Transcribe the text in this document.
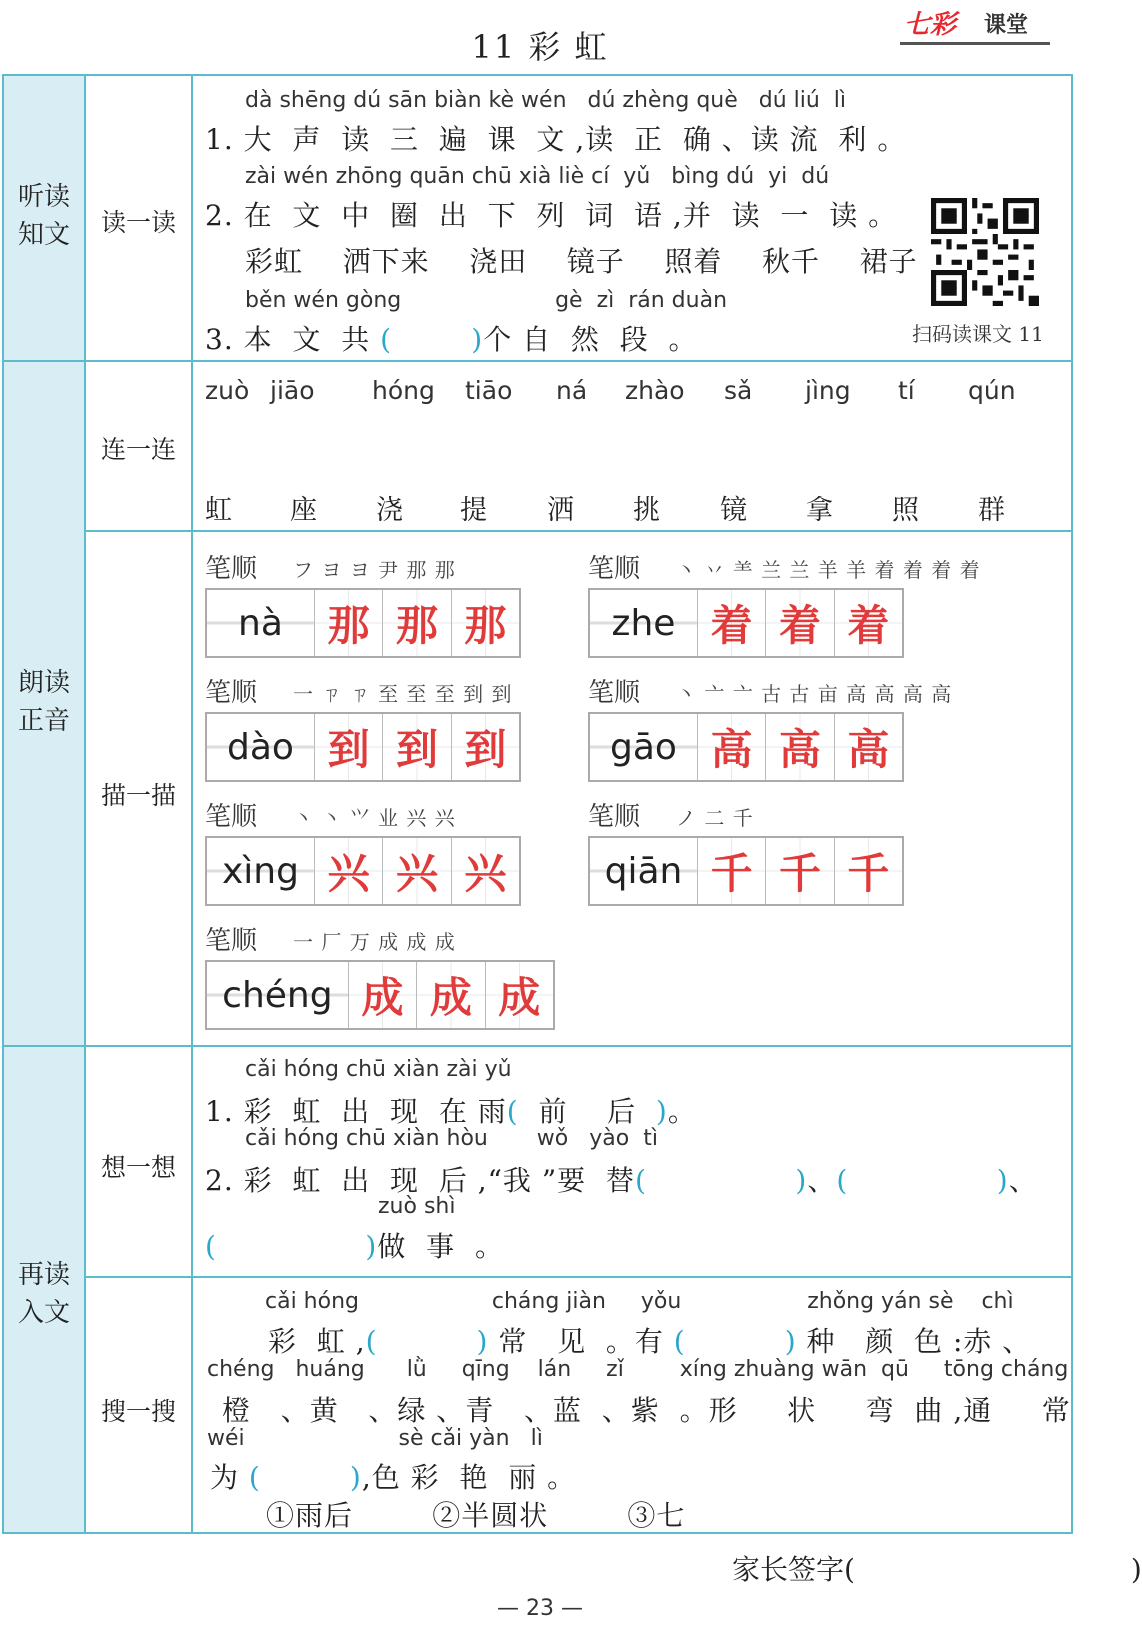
11 彩 虹
七彩 课堂
听读
知文
朗读
正音
再读
入文
读一读
连一连
描一描
想一想
搜一搜
dà shēng dú sān biàn kè wén   dú zhèng què   dú liú  lì
1. 大  声  读  三  遍  课  文 ,读  正  确 、读 流  利 。
zài wén zhōng quān chū xià liè cí  yǔ   bìng dú  yi  dú
2. 在  文  中  圈  出  下  列  词  语 ,并  读  一  读 。
彩虹    洒下来    浇田    镜子    照着    秋千    裙子
běn wén gòng                      gè  zì  rán duàn
3. 本  文  共 (        )个 自  然  段  。	扫码读课文 11
zuò jiāo hóng tiāo ná zhào sǎ jìng tí qún
虹 座 浇 提 洒 挑 镜 拿 照 群
笔顺 フ ヨ ヨ 尹 那 那
nà	那 那 那
笔顺 丶 丷 ⺷ 兰 兰 羊 羊 着 着 着 着
zhe 着 着 着
笔顺 一 ㄗ ㄗ 至 至 至 到 到
dào 到 到 到
笔顺 丶 亠 亠 古 古 亩 高 高 高 高
gāo 高 高 高
笔顺 丶 丶 ⺍ 业 兴 兴
xìng 兴 兴 兴
笔顺 ノ 二 千
qiān 千 千 千
笔顺 一 厂 万 成 成 成
chéng 成 成 成
cǎi hóng chū xiàn zài yǔ
1. 彩  虹  出  现  在 雨(  前    后  )。
cǎi hóng chū xiàn hòu       wǒ   yào  tì
2. 彩  虹  出  现  后 ,“我 ”要  替(               )、(               )、
zuò shì
(               )做  事  。
cǎi hóng                   cháng jiàn     yǒu                  zhǒng yán sè    chì
彩  虹 ,(          ) 常   见  。有 (          ) 种   颜  色 :赤 、
chéng   huáng      lǜ     qīng    lán     zǐ        xíng zhuàng wān  qū     tōng cháng
橙   、黄   、绿 、青   、蓝  、紫  。形     状     弯  曲 ,通     常
wéi                      sè cǎi yàn   lì
为 (         ),色 彩  艳  丽 。
①雨后        ②半圆状        ③七
家长签字(                               )
— 23 —
